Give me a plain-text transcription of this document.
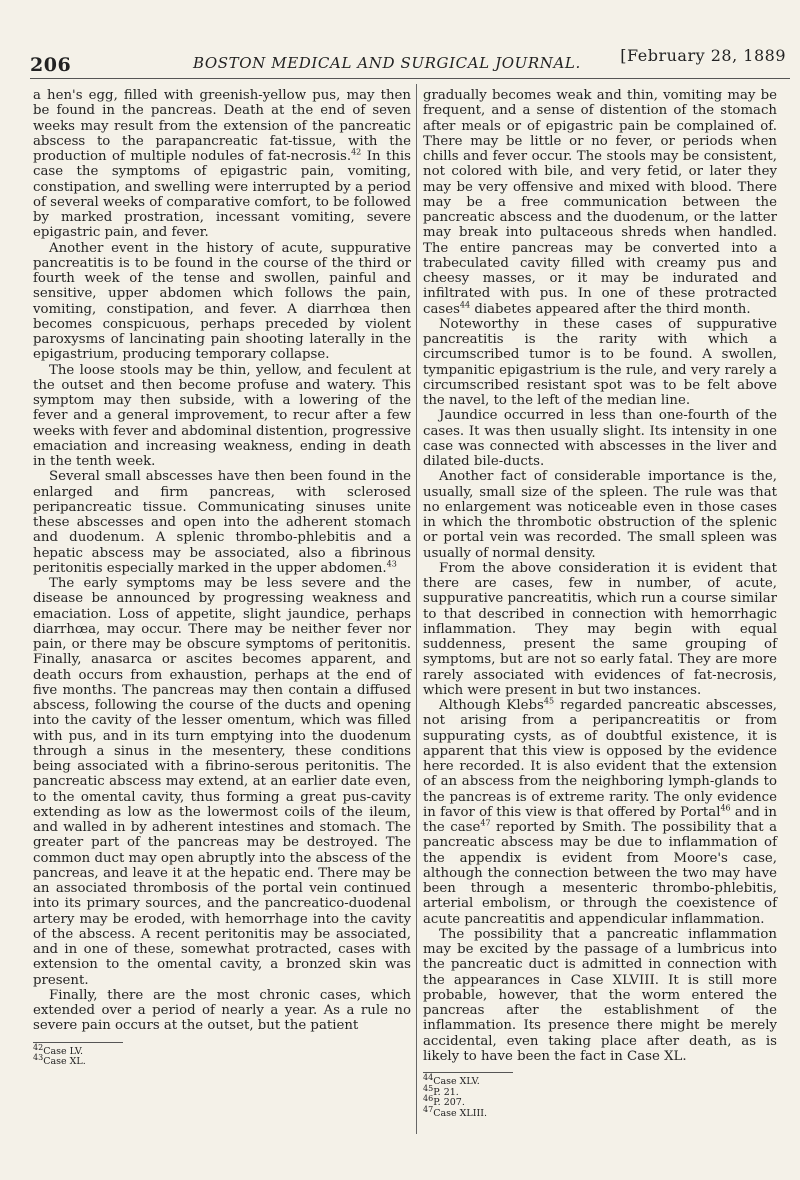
206	BOSTON MEDICAL AND SURGICAL JOURNAL. [February 28, 1889

a hen's egg, filled with greenish-yellow pus, may then be found in the pancreas. Death at the end of seven weeks may result from the extension of the pancreatic abscess to the parapancreatic fat-tissue, with the production of multiple nodules of fat-necrosis.$^{42}$ In this case the symptoms of epigastric pain, vomiting, constipation, and swelling were interrupted by a period of several weeks of comparative comfort, to be followed by marked prostration, incessant vomiting, severe epigastric pain, and fever.

Another event in the history of acute, suppurative pancreatitis is to be found in the course of the third or fourth week of the tense and swollen, painful and sensitive, upper abdomen which follows the pain, vomiting, constipation, and fever. A diarrhœa then becomes conspicuous, perhaps preceded by violent paroxysms of lancinating pain shooting laterally in the epigastrium, producing temporary collapse.

The loose stools may be thin, yellow, and feculent at the outset and then become profuse and watery. This symptom may then subside, with a lowering of the fever and a general improvement, to recur after a few weeks with fever and abdominal distention, progressive emaciation and increasing weakness, ending in death in the tenth week.

Several small abscesses have then been found in the enlarged and firm pancreas, with sclerosed peripancreatic tissue. Communicating sinuses unite these abscesses and open into the adherent stomach and duodenum. A splenic thrombo-phlebitis and a hepatic abscess may be associated, also a fibrinous peritonitis especially marked in the upper abdomen.$^{43}$

The early symptoms may be less severe and the disease be announced by progressing weakness and emaciation. Loss of appetite, slight jaundice, perhaps diarrhœa, may occur. There may be neither fever nor pain, or there may be obscure symptoms of peritonitis. Finally, anasarca or ascites becomes apparent, and death occurs from exhaustion, perhaps at the end of five months. The pancreas may then contain a diffused abscess, following the course of the ducts and opening into the cavity of the lesser omentum, which was filled with pus, and in its turn emptying into the duodenum through a sinus in the mesentery, these conditions being associated with a fibrino-serous peritonitis. The pancreatic abscess may extend, at an earlier date even, to the omental cavity, thus forming a great pus-cavity extending as low as the lowermost coils of the ileum, and walled in by adherent intestines and stomach. The greater part of the pancreas may be destroyed. The common duct may open abruptly into the abscess of the pancreas, and leave it at the hepatic end. There may be an associated thrombosis of the portal vein continued into its primary sources, and the pancreatico-duodenal artery may be eroded, with hemorrhage into the cavity of the abscess. A recent peritonitis may be associated, and in one of these, somewhat protracted, cases with extension to the omental cavity, a bronzed skin was present.

Finally, there are the most chronic cases, which extended over a period of nearly a year. As a rule no severe pain occurs at the outset, but the patient

$^{42}$Case LV.
$^{43}$Case XL.

gradually becomes weak and thin, vomiting may be frequent, and a sense of distention of the stomach after meals or of epigastric pain be complained of. There may be little or no fever, or periods when chills and fever occur. The stools may be consistent, not colored with bile, and very fetid, or later they may be very offensive and mixed with blood. There may be a free communication between the pancreatic abscess and the duodenum, or the latter may break into pultaceous shreds when handled. The entire pancreas may be converted into a trabeculated cavity filled with creamy pus and cheesy masses, or it may be indurated and infiltrated with pus. In one of these protracted cases$^{44}$ diabetes appeared after the third month.

Noteworthy in these cases of suppurative pancreatitis is the rarity with which a circumscribed tumor is to be found. A swollen, tympanitic epigastrium is the rule, and very rarely a circumscribed resistant spot was to be felt above the navel, to the left of the median line.

Jaundice occurred in less than one-fourth of the cases. It was then usually slight. Its intensity in one case was connected with abscesses in the liver and dilated bile-ducts.

Another fact of considerable importance is the, usually, small size of the spleen. The rule was that no enlargement was noticeable even in those cases in which the thrombotic obstruction of the splenic or portal vein was recorded. The small spleen was usually of normal density.

From the above consideration it is evident that there are cases, few in number, of acute, suppurative pancreatitis, which run a course similar to that described in connection with hemorrhagic inflammation. They may begin with equal suddenness, present the same grouping of symptoms, but are not so early fatal. They are more rarely associated with evidences of fat-necrosis, which were present in but two instances.

Although Klebs$^{45}$ regarded pancreatic abscesses, not arising from a peripancreatitis or from suppurating cysts, as of doubtful existence, it is apparent that this view is opposed by the evidence here recorded. It is also evident that the extension of an abscess from the neighboring lymph-glands to the pancreas is of extreme rarity. The only evidence in favor of this view is that offered by Portal$^{46}$ and in the case$^{47}$ reported by Smith. The possibility that a pancreatic abscess may be due to inflammation of the appendix is evident from Moore's case, although the connection between the two may have been through a mesenteric thrombo-phlebitis, arterial embolism, or through the coexistence of acute pancreatitis and appendicular inflammation.

The possibility that a pancreatic inflammation may be excited by the passage of a lumbricus into the pancreatic duct is admitted in connection with the appearances in Case XLVIII. It is still more probable, however, that the worm entered the pancreas after the establishment of the inflammation. Its presence there might be merely accidental, even taking place after death, as is likely to have been the fact in Case XL.

$^{44}$Case XLV.
$^{45}$P. 21.
$^{46}$P. 207.
$^{47}$Case XLIII.
